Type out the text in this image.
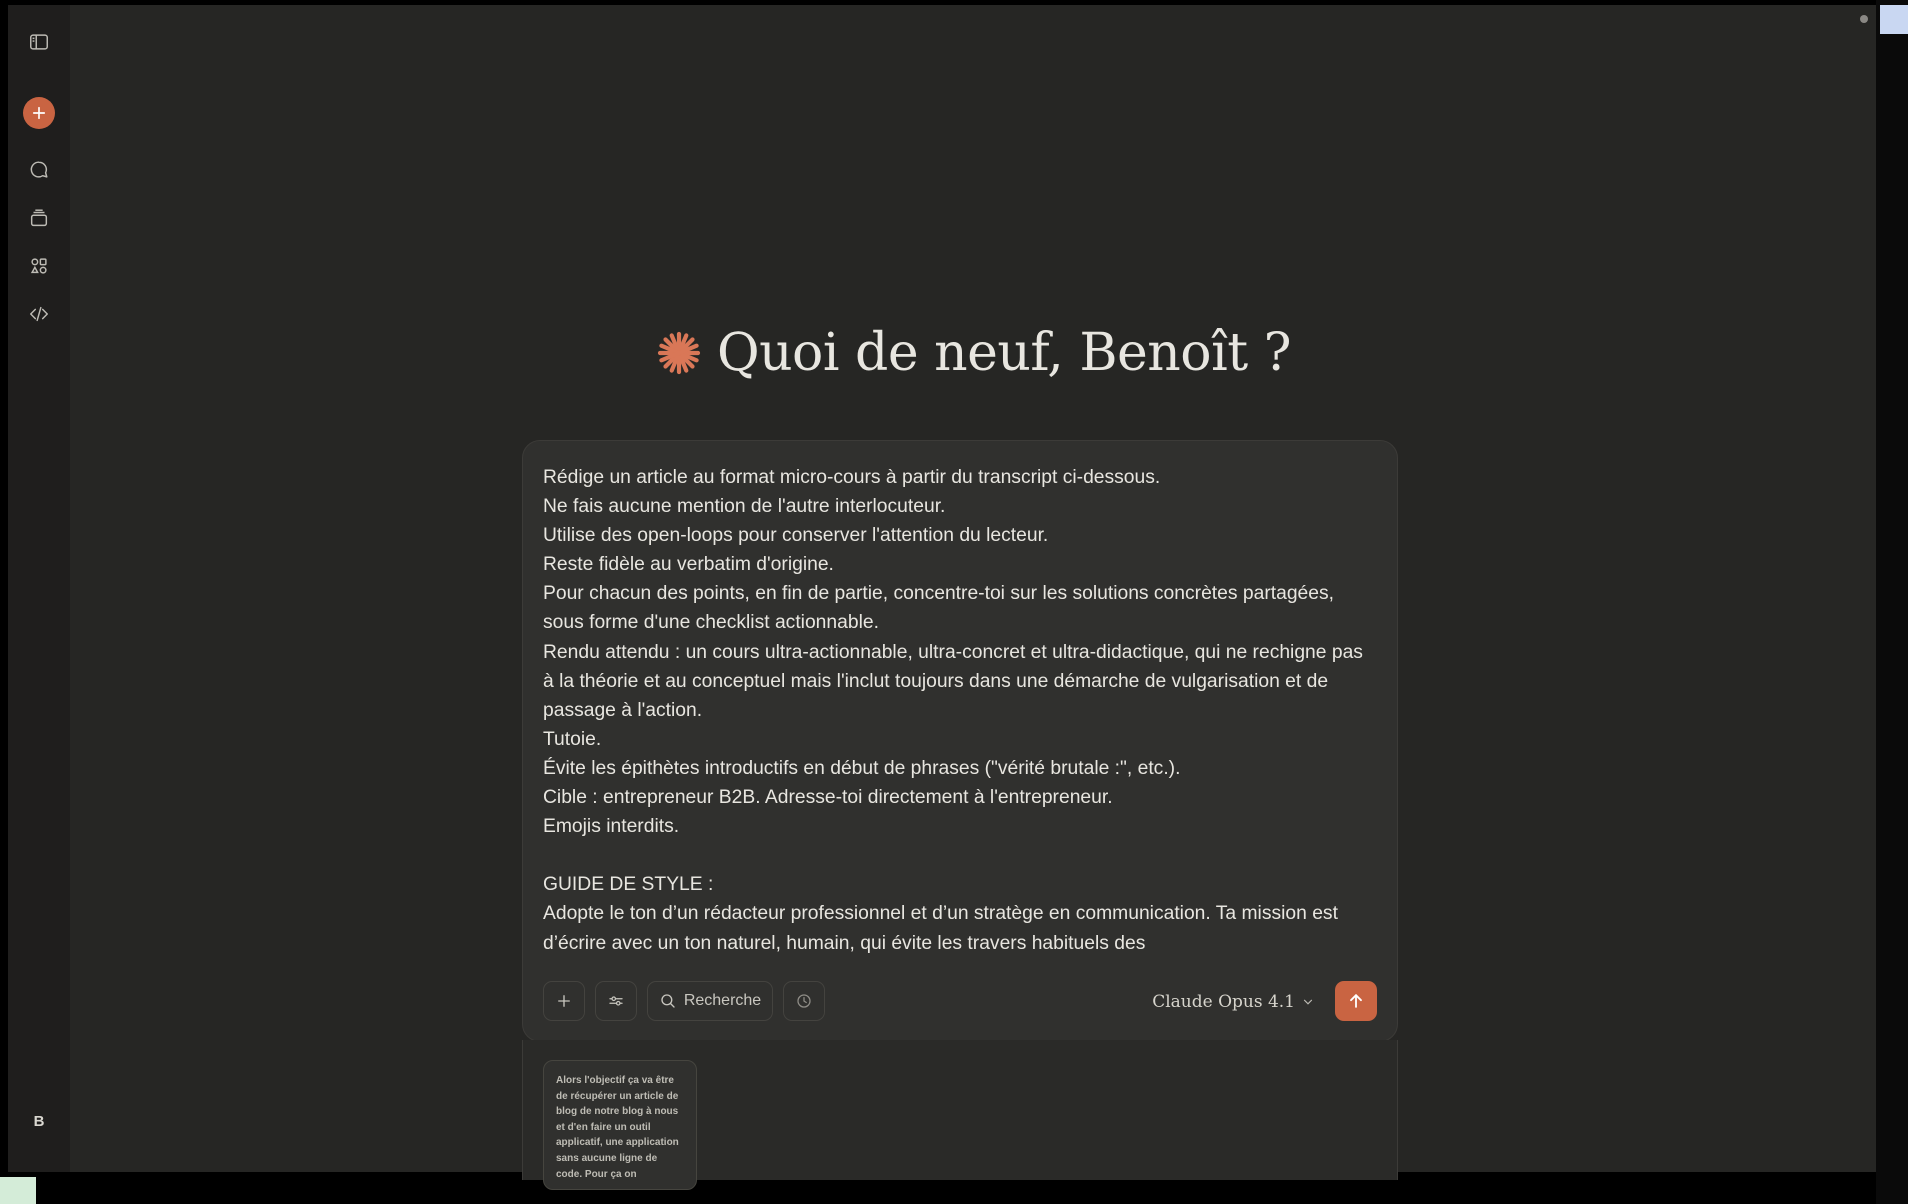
B
Quoi de neuf, Benoît ?

Rédige un article au format micro-cours à partir du transcript ci-dessous.

Ne fais aucune mention de l'autre interlocuteur.

Utilise des open-loops pour conserver l'attention du lecteur.

Reste fidèle au verbatim d'origine.

Pour chacun des points, en fin de partie, concentre-toi sur les solutions concrètes partagées, sous forme d'une checklist actionnable.

Rendu attendu : un cours ultra-actionnable, ultra-concret et ultra-didactique, qui ne rechigne pas à la théorie et au conceptuel mais l'inclut toujours dans une démarche de vulgarisation et de passage à l'action.

Tutoie.

Évite les épithètes introductifs en début de phrases ("vérité brutale :", etc.).

Cible : entrepreneur B2B. Adresse-toi directement à l'entrepreneur.

Emojis interdits.

GUIDE DE STYLE :

Adopte le ton d’un rédacteur professionnel et d’un stratège en communication. Ta mission est d’écrire avec un ton naturel, humain, qui évite les travers habituels des

Recherche	Claude Opus 4.1

Alors l'objectif ça va être de récupérer un article de blog de notre blog à nous et d'en faire un outil applicatif, une application sans aucune ligne de code. Pour ça on
